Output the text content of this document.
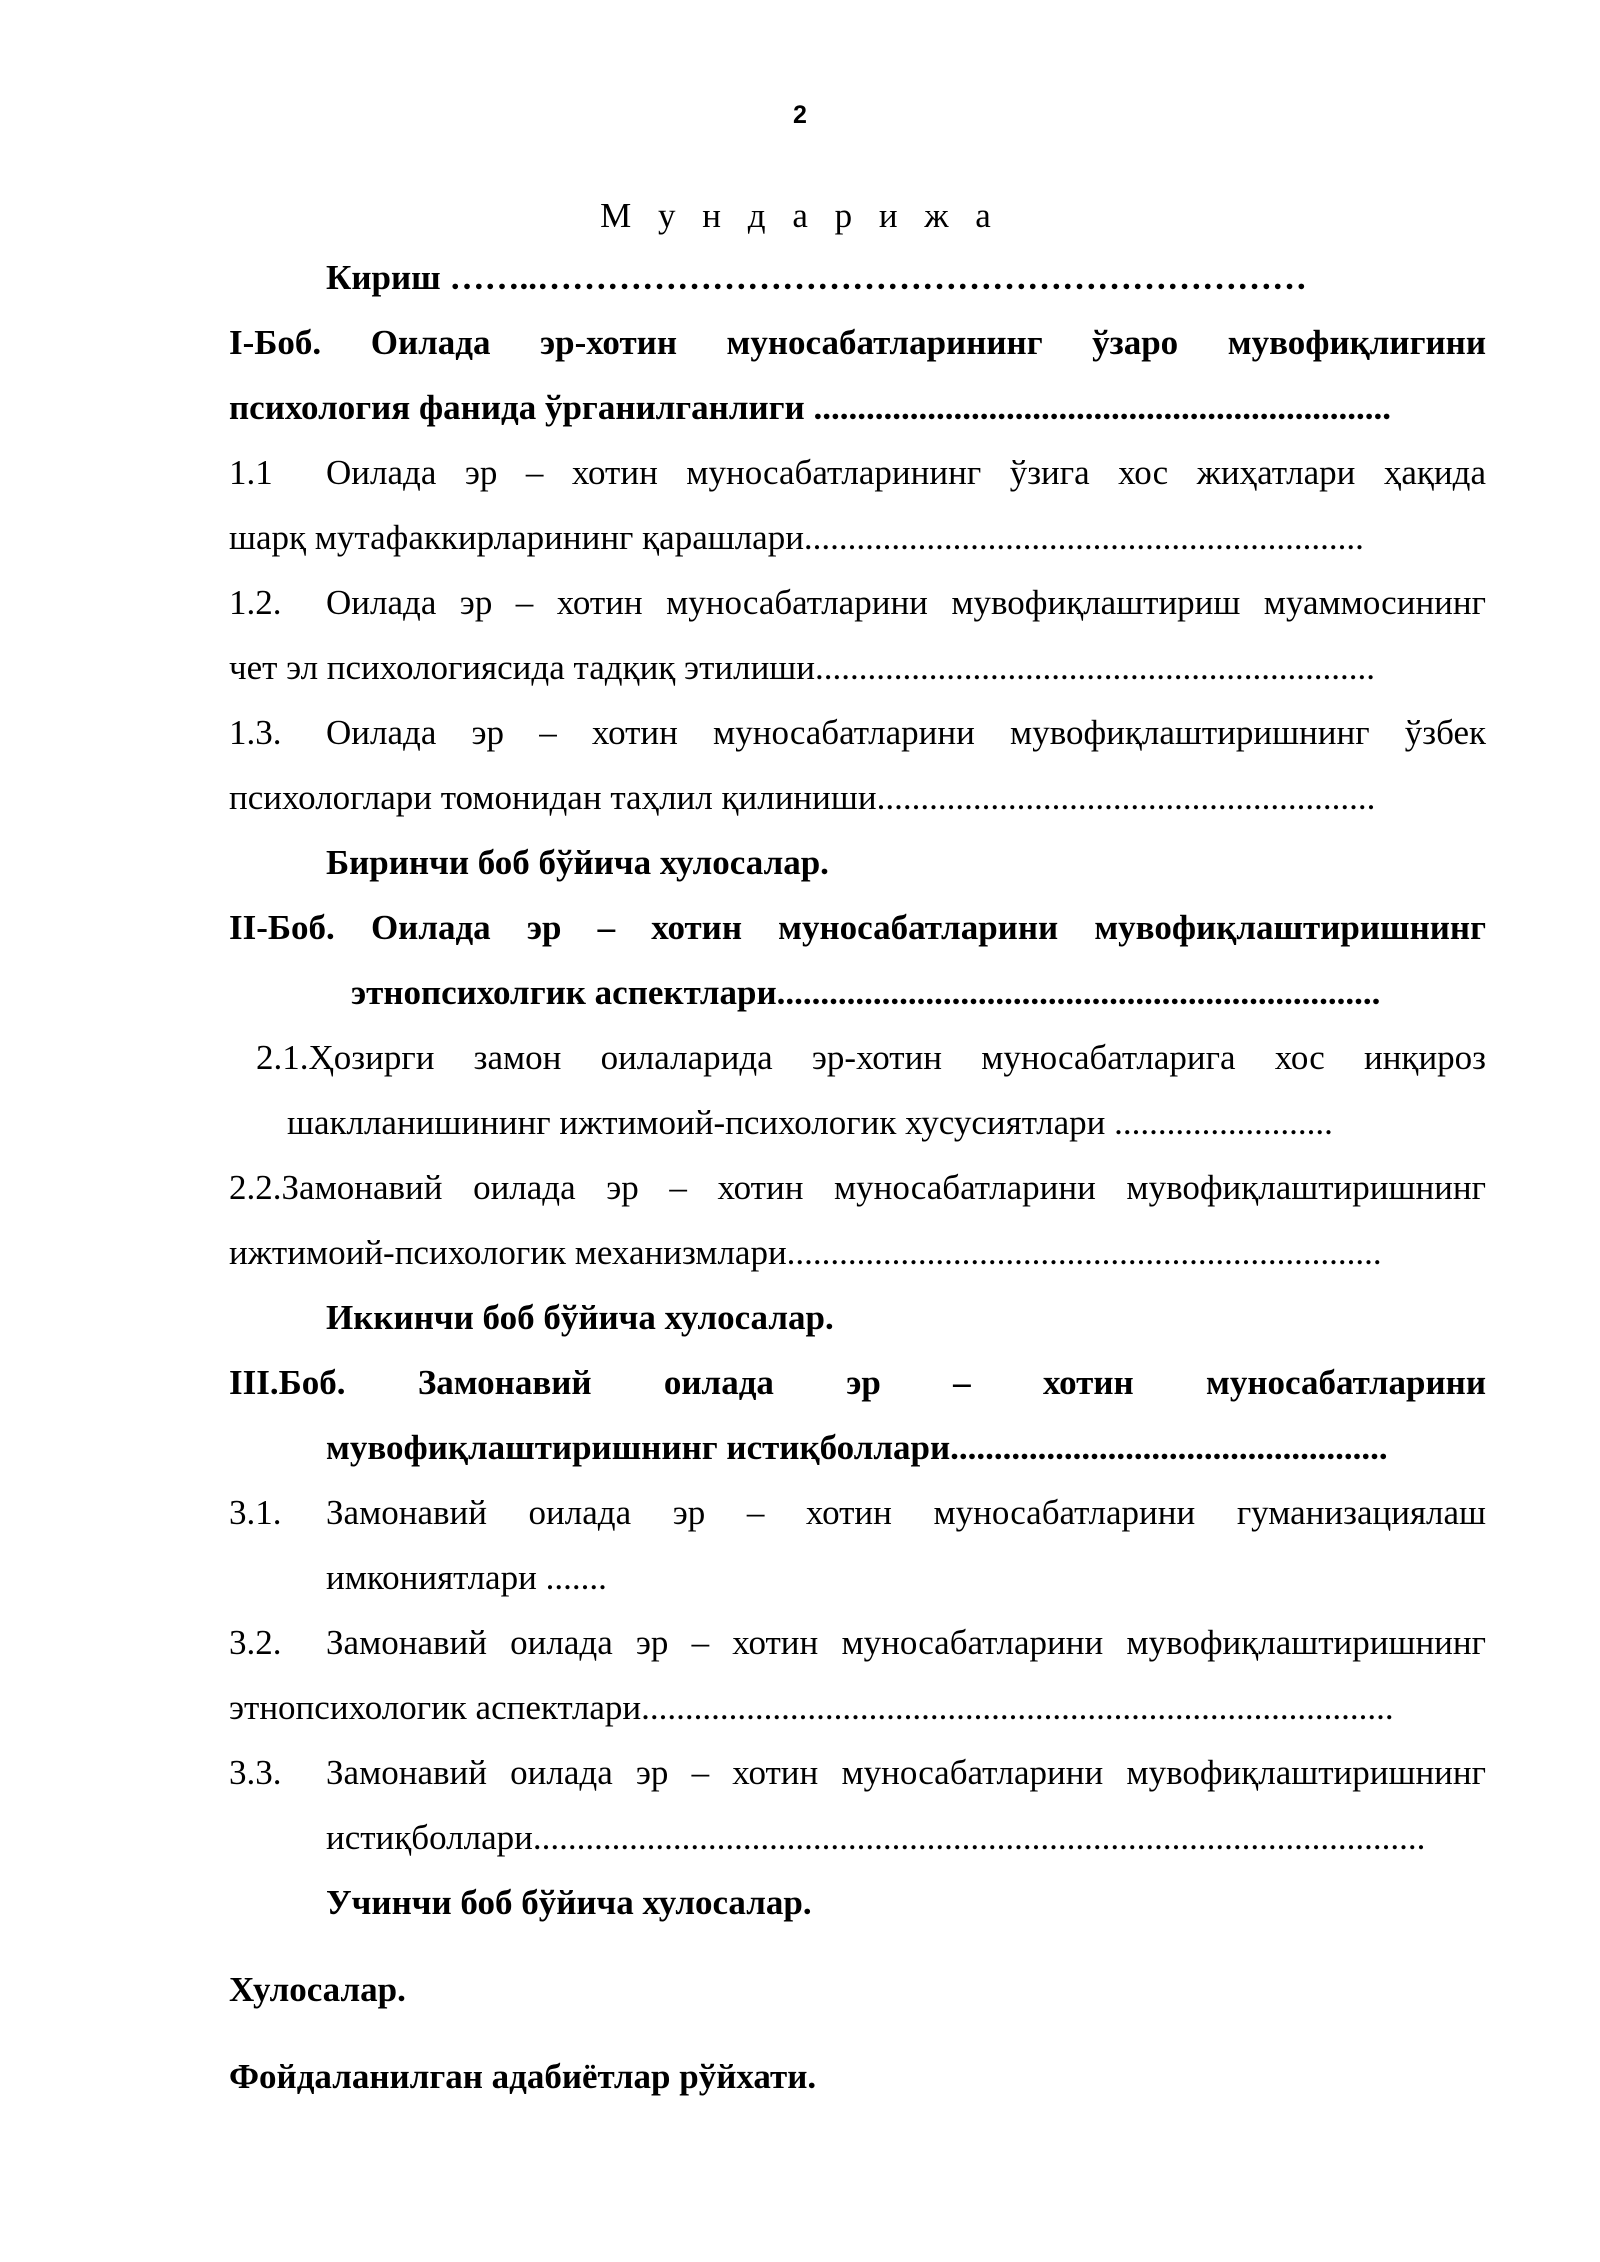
2
М у н д а р и ж а
Кириш ……..…………………………………………………………
I-Боб. Оилада эр-хотин муносабатларининг ўзаро мувофиқлигини
психология фанида ўрганилганлиги ..................................................................
1.1 Оилада эр – хотин муносабатларининг ўзига хос жиҳатлари ҳақида
шарқ мутафаккирларининг қарашлари................................................................
1.2. Оилада эр – хотин муносабатларини мувофиқлаштириш муаммосининг
чет эл психологиясида тадқиқ этилиши................................................................
1.3. Оилада эр – хотин муносабатларини мувофиқлаштиришнинг ўзбек
психологлари томонидан таҳлил қилиниши.........................................................
Биринчи боб бўйича хулосалар.
II-Боб. Оилада эр – хотин муносабатларини мувофиқлаштиришнинг
этнопсихолгик аспектлари.....................................................................
2.1.Ҳозирги замон оилаларида эр-хотин муносабатларига хос инқироз
шаклланишининг ижтимоий-психологик хусусиятлари .........................
2.2.Замонавий оилада эр – хотин муносабатларини мувофиқлаштиришнинг
ижтимоий-психологик механизмлари....................................................................
Иккинчи боб бўйича хулосалар.
III.Боб. Замонавий оилада эр – хотин муносабатларини
мувофиқлаштиришнинг истиқболлари..................................................
3.1. Замонавий оилада эр – хотин муносабатларини гуманизациялаш
имкониятлари .......
3.2. Замонавий оилада эр – хотин муносабатларини мувофиқлаштиришнинг
этнопсихологик аспектлари......................................................................................
3.3. Замонавий оилада эр – хотин муносабатларини мувофиқлаштиришнинг
истиқболлари......................................................................................................
Учинчи боб бўйича хулосалар.
Хулосалар.
Фойдаланилган адабиётлар рўйхати.
